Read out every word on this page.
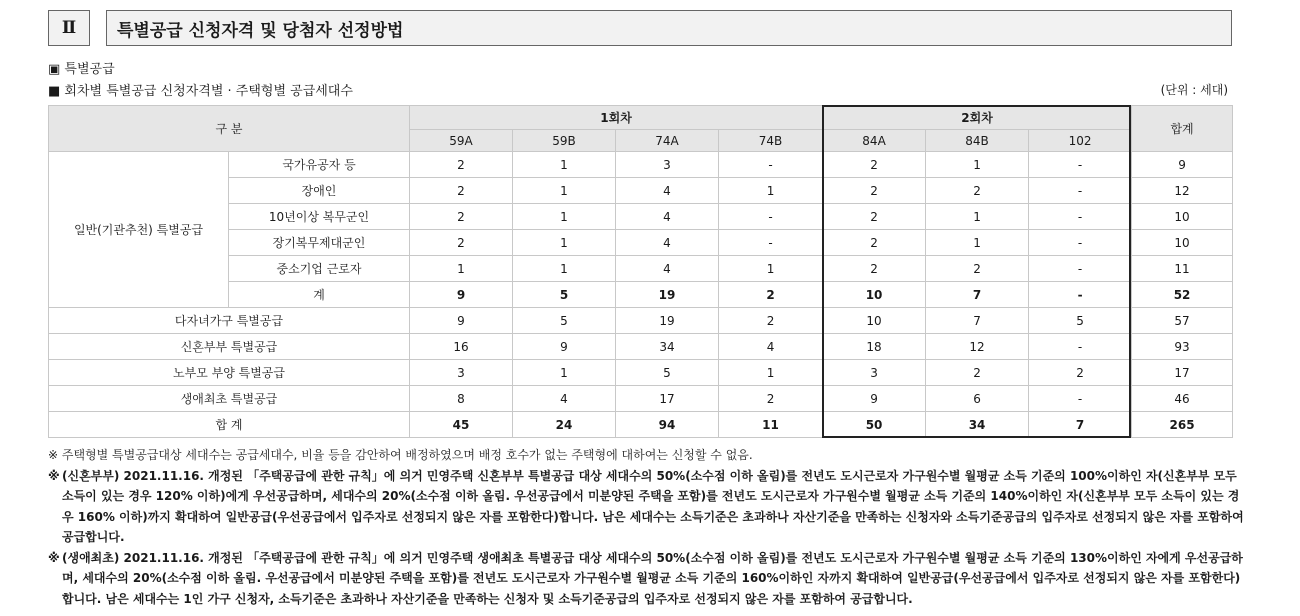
Ⅱ	특별공급 신청자격 및 당첨자 선정방법
▣ 특별공급
■ 회차별 특별공급 신청자격별 · 주택형별 공급세대수	(단위 : 세대)
구 분		1회차				2회차			합계
		59A	59B	74A	74B	84A	84B	102	
일반(기관추천) 특별공급	국가유공자 등	2	1	3	-	2	1	-	9
	장애인	2	1	4	1	2	2	-	12
	10년이상 복무군인	2	1	4	-	2	1	-	10
	장기복무제대군인	2	1	4	-	2	1	-	10
	중소기업 근로자	1	1	4	1	2	2	-	11
	계	9	5	19	2	10	7	-	52
다자녀가구 특별공급		9	5	19	2	10	7	5	57
신혼부부 특별공급		16	9	34	4	18	12	-	93
노부모 부양 특별공급		3	1	5	1	3	2	2	17
생애최초 특별공급		8	4	17	2	9	6	-	46
합 계		45	24	94	11	50	34	7	265
※ 주택형별 특별공급대상 세대수는 공급세대수, 비율 등을 감안하여 배정하였으며 배정 호수가 없는 주택형에 대하여는 신청할 수 없음.
※ (신혼부부) 2021.11.16. 개정된 「주택공급에 관한 규칙」에 의거 민영주택 신혼부부 특별공급 대상 세대수의 50%(소수점 이하 올림)를 전년도 도시근로자 가구원수별 월평균 소득 기준의 100%이하인 자(신혼부부 모두 소득이 있는 경우 120% 이하)에게 우선공급하며, 세대수의 20%(소수점 이하 올림. 우선공급에서 미분양된 주택을 포함)를 전년도 도시근로자 가구원수별 월평균 소득 기준의 140%이하인 자(신혼부부 모두 소득이 있는 경우 160% 이하)까지 확대하여 일반공급(우선공급에서 입주자로 선정되지 않은 자를 포함한다)합니다. 남은 세대수는 소득기준은 초과하나 자산기준을 만족하는 신청자와 소득기준공급의 입주자로 선정되지 않은 자를 포함하여 공급합니다.
※ (생애최초) 2021.11.16. 개정된 「주택공급에 관한 규칙」에 의거 민영주택 생애최초 특별공급 대상 세대수의 50%(소수점 이하 올림)를 전년도 도시근로자 가구원수별 월평균 소득 기준의 130%이하인 자에게 우선공급하며, 세대수의 20%(소수점 이하 올림. 우선공급에서 미분양된 주택을 포함)를 전년도 도시근로자 가구원수별 월평균 소득 기준의 160%이하인 자까지 확대하여 일반공급(우선공급에서 입주자로 선정되지 않은 자를 포함한다)합니다. 남은 세대수는 1인 가구 신청자, 소득기준은 초과하나 자산기준을 만족하는 신청자 및 소득기준공급의 입주자로 선정되지 않은 자를 포함하여 공급합니다.
